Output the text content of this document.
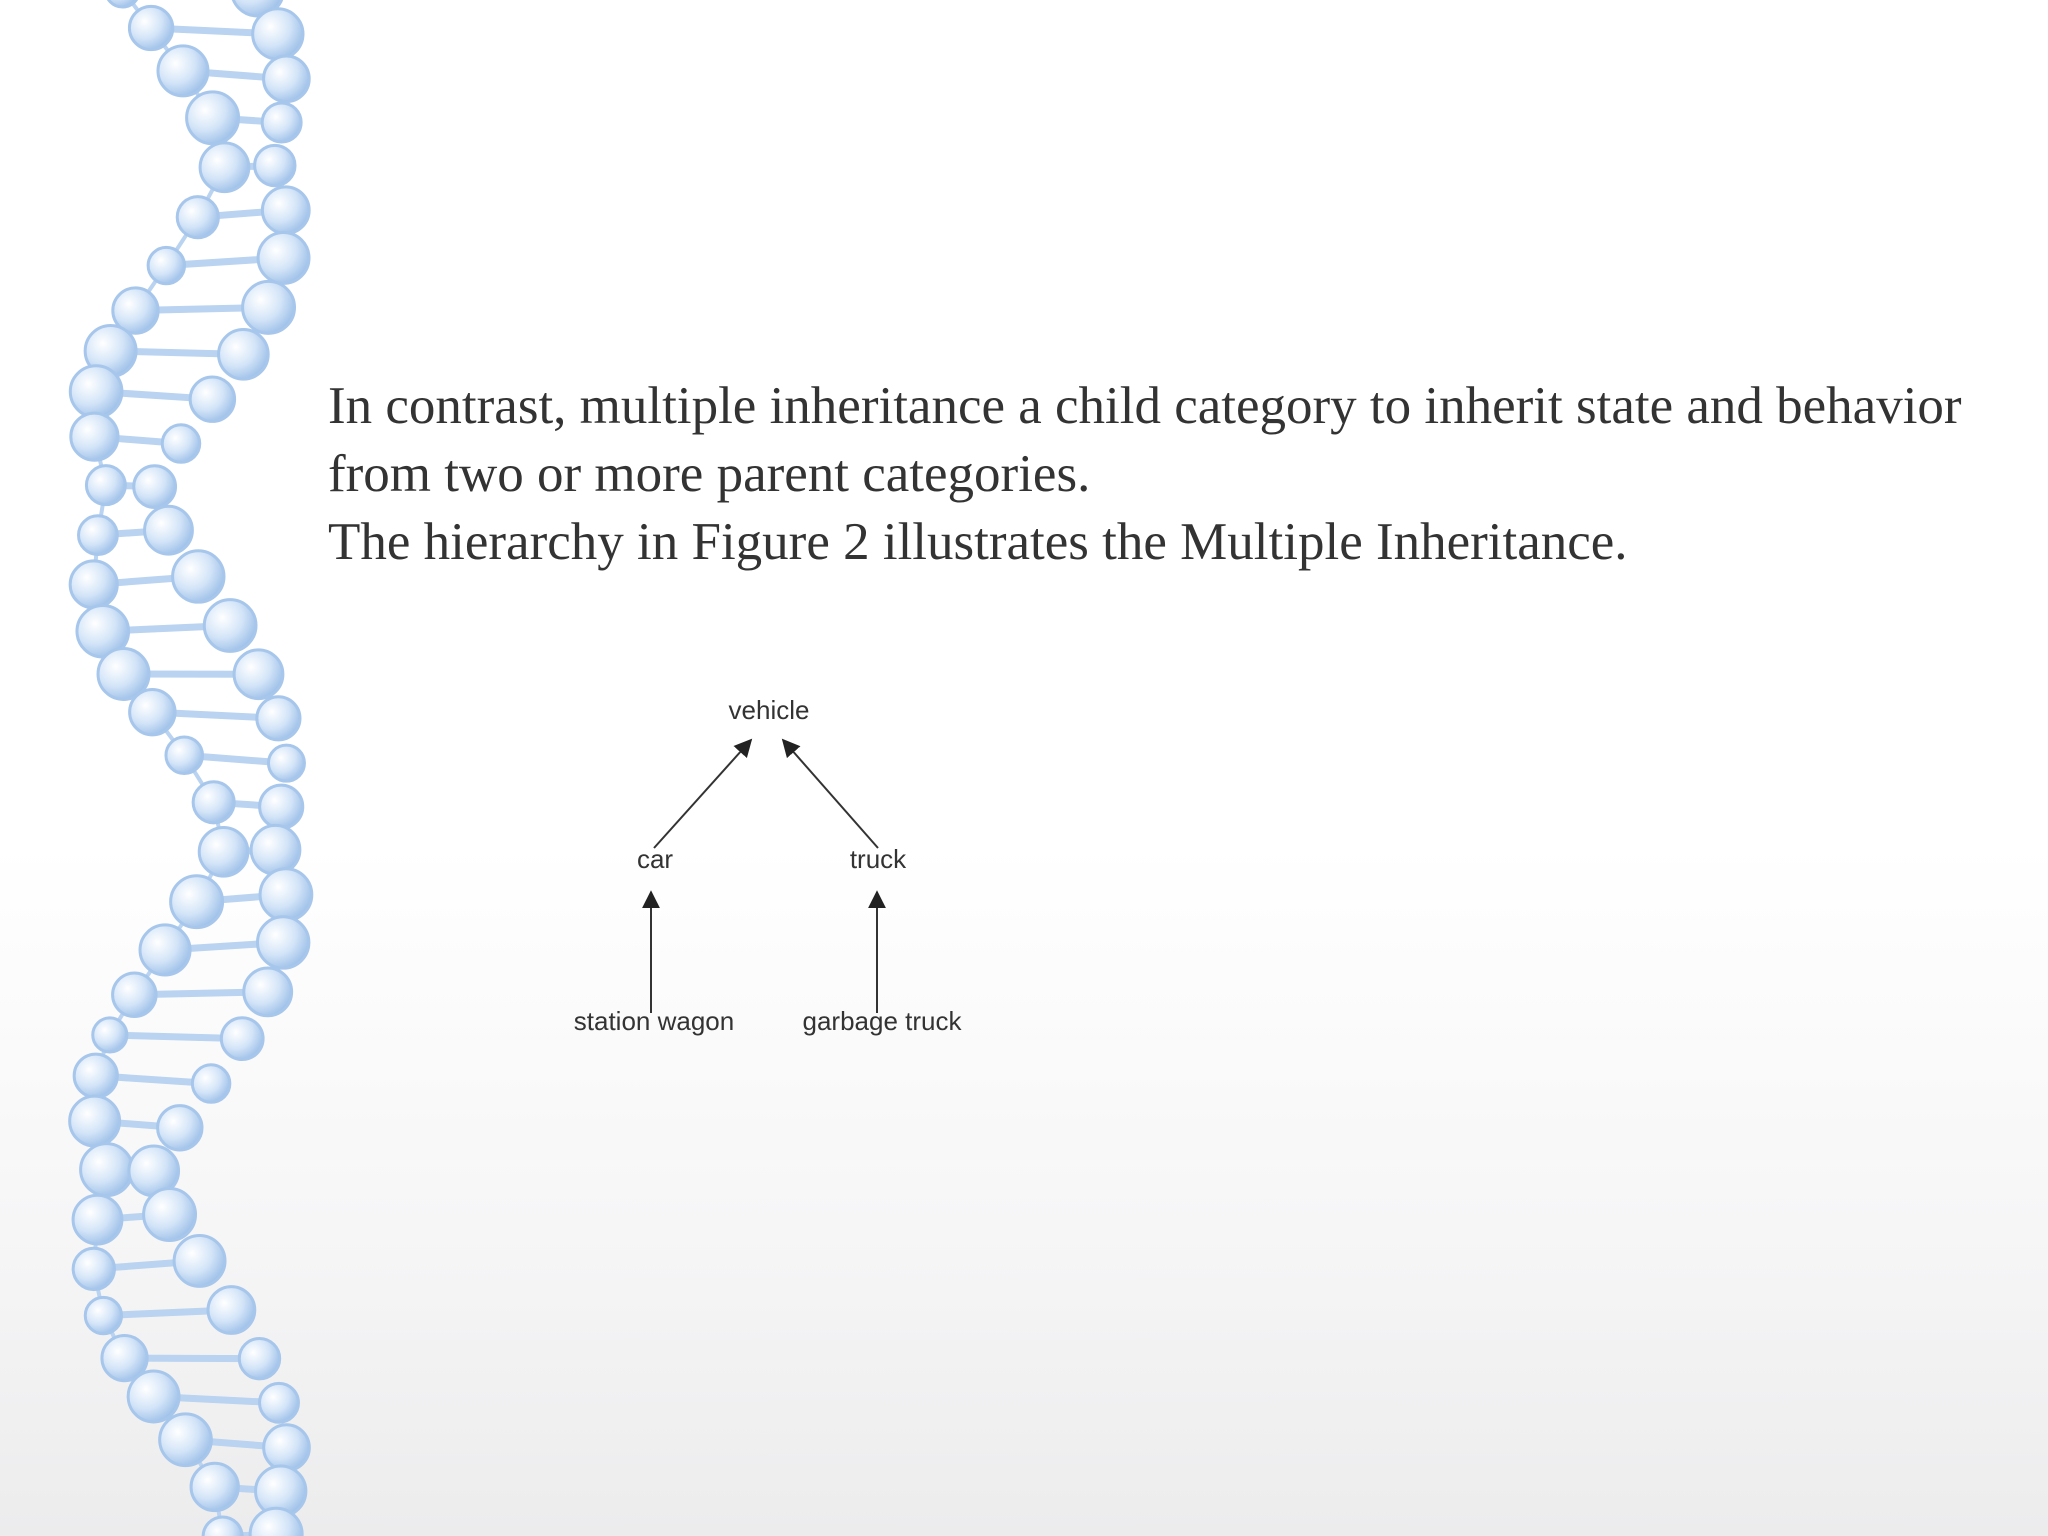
In contrast, multiple inheritance a child category to inherit state and behavior from two or more parent categories.

The hierarchy in Figure 2 illustrates the Multiple Inheritance.

vehicle
car	truck
station wagon	garbage truck
